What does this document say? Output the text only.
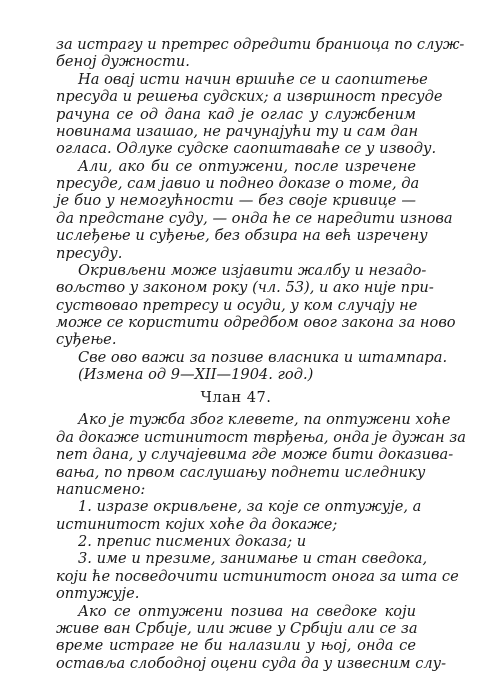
за истрагу и претрес одредити браниоца по служ-
беној дужности.
На овај исти начин вршиће се и саопштење
пресуда и решења судских; а извршност пресуде
рачуна се од дана кад је оглас у службеним
новинама изашао, не рачунајући ту и сам дан
огласа. Одлуке судске саопштаваће се у изводу.
Али, ако би се оптужени, после изречене
пресуде, сам јавио и поднео доказе о томе, да
је био у немогућности — без своје кривице —
да предстане суду, — онда ће се наредити изнова
ислеђење и суђење, без обзира на већ изречену
пресуду.
Окривљени може изјавити жалбу и незадо-
вољство у законом року (чл. 53), и ако није при-
суствовао претресу и осуди, у ком случају не
може се користити одредбом овог закона за ново
суђење.
Све ово важи за позиве власника и штампара.
(Измена од 9—XII—1904. год.)
Члан 47.
Ако је тужба због клевете, па оптужени хоће
да докаже истинитост тврђења, онда је дужан за
пет дана, у случајевима где може бити доказива-
вања, по првом саслушању поднети иследнику
написмено:
1. изразе окривљене, за које се оптужује, а
истинитост којих хоће да докаже;
2. препис писмених доказа; и
3. име и презиме, занимање и стан сведока,
који ће посведочити истинитост онога за шта се
оптужује.
Ако се оптужени позива на сведоке који
живе ван Србије, или живе у Србији али се за
време истраге не би налазили у њој, онда се
оставља слободној оцени суда да у извесним слу-
